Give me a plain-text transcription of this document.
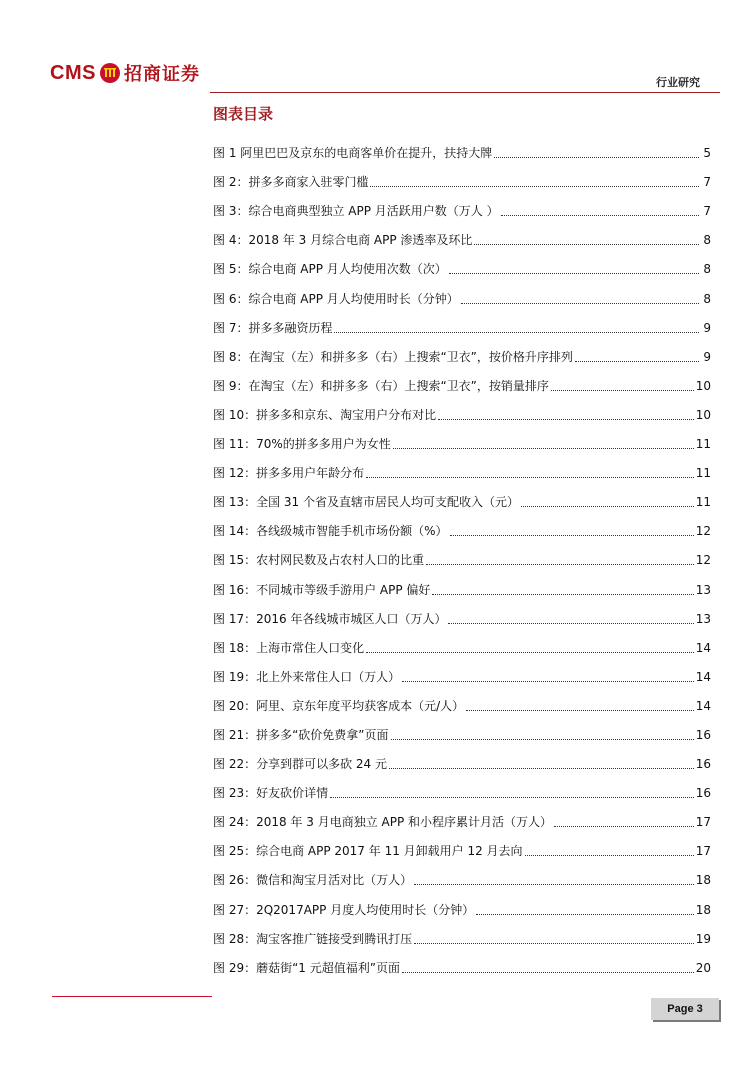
CMS 招商证券	行业研究
图表目录
图 1 阿里巴巴及京东的电商客单价在提升，扶持大牌	5
图 2：拼多多商家入驻零门槛	7
图 3：综合电商典型独立 APP 月活跃用户数（万人 ）	7
图 4：2018 年 3 月综合电商 APP 渗透率及环比	8
图 5：综合电商 APP 月人均使用次数（次）	8
图 6：综合电商 APP 月人均使用时长（分钟）	8
图 7：拼多多融资历程	9
图 8：在淘宝（左）和拼多多（右）上搜索“卫衣”，按价格升序排列	9
图 9：在淘宝（左）和拼多多（右）上搜索“卫衣”，按销量排序	10
图 10：拼多多和京东、淘宝用户分布对比	10
图 11：70%的拼多多用户为女性	11
图 12：拼多多用户年龄分布	11
图 13：全国 31 个省及直辖市居民人均可支配收入（元）	11
图 14：各线级城市智能手机市场份额（%）	12
图 15：农村网民数及占农村人口的比重	12
图 16：不同城市等级手游用户 APP 偏好	13
图 17：2016 年各线城市城区人口（万人）	13
图 18：上海市常住人口变化	14
图 19：北上外来常住人口（万人）	14
图 20：阿里、京东年度平均获客成本（元/人）	14
图 21：拼多多“砍价免费拿”页面	16
图 22：分享到群可以多砍 24 元	16
图 23：好友砍价详情	16
图 24：2018 年 3 月电商独立 APP 和小程序累计月活（万人）	17
图 25：综合电商 APP 2017 年 11 月卸载用户 12 月去向	17
图 26：微信和淘宝月活对比（万人）	18
图 27：2Q2017APP 月度人均使用时长（分钟）	18
图 28：淘宝客推广链接受到腾讯打压	19
图 29：蘑菇街“1 元超值福利”页面	20
Page 3
